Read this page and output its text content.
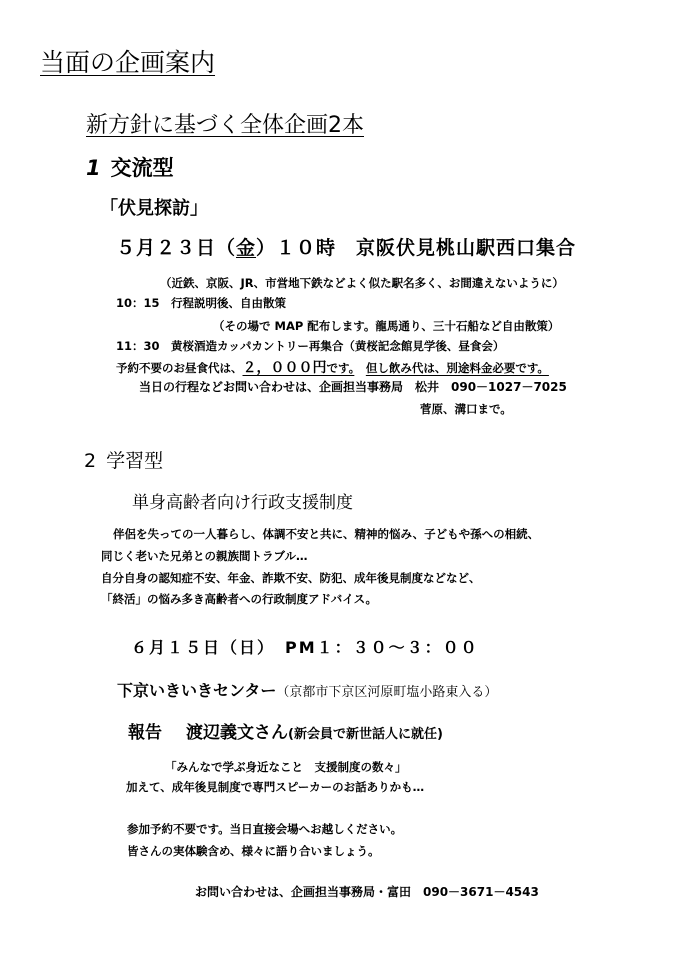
当面の企画案内
新方針に基づく全体企画2本
1 交流型
「伏見探訪」
５月２３日（金）１０時　京阪伏見桃山駅西口集合
（近鉄、京阪、JR、市営地下鉄などよく似た駅名多く、お間違えないように）
10：15　行程説明後、自由散策
（その場で MAP 配布します。龍馬通り、三十石船など自由散策）
11：30　黄桜酒造カッパカントリー再集合（黄桜記念館見学後、昼食会）
予約不要のお昼食代は、２，０００円です。　 但し飲み代は、別途料金必要です。
当日の行程などお問い合わせは、企画担当事務局　松井　090－1027－7025
菅原、溝口まで。
2 学習型
単身高齢者向け行政支援制度
伴侶を失っての一人暮らし、体調不安と共に、精神的悩み、子どもや孫への相続、
同じく老いた兄弟との親族間トラブル…
自分自身の認知症不安、年金、詐欺不安、防犯、成年後見制度などなど、
「終活」の悩み多き高齢者への行政制度アドバイス。
６月１５日（日）　PM１：３０～３：００
下京いきいきセンター（京都市下京区河原町塩小路東入る）
報告 渡辺義文さん(新会員で新世話人に就任)
「みんなで学ぶ身近なこと　支援制度の数々」
加えて、成年後見制度で専門スピーカーのお話ありかも…
参加予約不要です。当日直接会場へお越しください。
皆さんの実体験含め、様々に語り合いましょう。
お問い合わせは、企画担当事務局・富田　090－3671－4543
